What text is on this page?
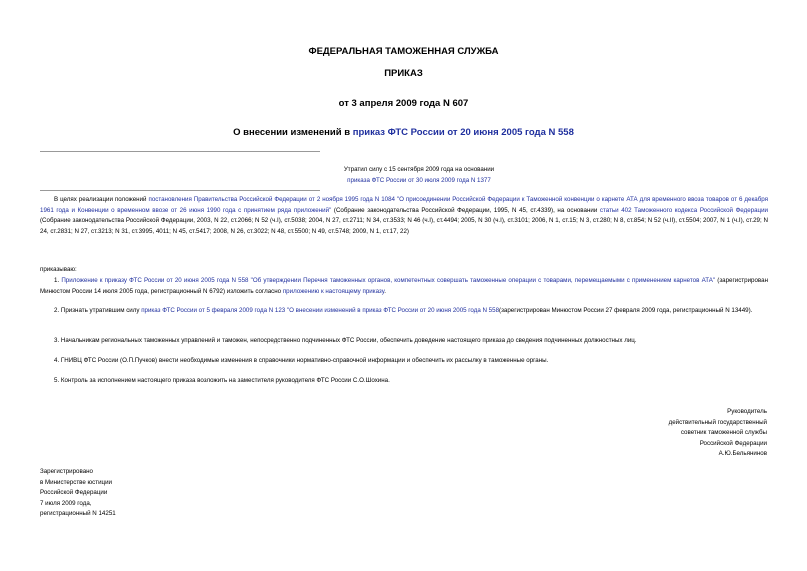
ФЕДЕРАЛЬНАЯ ТАМОЖЕННАЯ СЛУЖБА
ПРИКАЗ
от 3 апреля 2009 года N 607
О внесении изменений в приказ ФТС России от 20 июня 2005 года N 558
Утратил силу с 15 сентября 2009 года на основании
приказа ФТС России от 30 июля 2009 года N 1377
В целях реализации положений постановления Правительства Российской Федерации от 2 ноября 1995 года N 1084 "О присоединении Российской Федерации к Таможенной конвенции о карнете АТА для временного ввоза товаров от 6 декабря 1961 года и Конвенции о временном ввозе от 26 июня 1990 года с принятием ряда приложений" (Собрание законодательства Российской Федерации, 1995, N 45, ст.4339), на основании статьи 402 Таможенного кодекса Российской Федерации (Собрание законодательства Российской Федерации, 2003, N 22, ст.2066; N 52 (ч.I), ст.5038; 2004, N 27, ст.2711; N 34, ст.3533; N 46 (ч.I), ст.4494; 2005, N 30 (ч.I), ст.3101; 2006, N 1, ст.15; N 3, ст.280; N 8, ст.854; N 52 (ч.II), ст.5504; 2007, N 1 (ч.I), ст.29; N 24, ст.2831; N 27, ст.3213; N 31, ст.3995, 4011; N 45, ст.5417; 2008, N 26, ст.3022; N 48, ст.5500; N 49, ст.5748; 2009, N 1, ст.17, 22)
приказываю:
1. Приложение к приказу ФТС России от 20 июня 2005 года N 558 "Об утверждении Перечня таможенных органов, компетентных совершать таможенные операции с товарами, перемещаемыми с применением карнетов АТА" (зарегистрирован Минюстом России 14 июля 2005 года, регистрационный N 6792) изложить согласно приложению к настоящему приказу.
2. Признать утратившим силу приказ ФТС России от 5 февраля 2009 года N 123 "О внесении изменений в приказ ФТС России от 20 июня 2005 года N 558(зарегистрирован Минюстом России 27 февраля 2009 года, регистрационный N 13449).
3. Начальникам региональных таможенных управлений и таможен, непосредственно подчиненных ФТС России, обеспечить доведение настоящего приказа до сведения подчиненных должностных лиц.
4. ГНИВЦ ФТС России (О.П.Пучков) внести необходимые изменения в справочники нормативно-справочной информации и обеспечить их рассылку в таможенные органы.
5. Контроль за исполнением настоящего приказа возложить на заместителя руководителя ФТС России С.О.Шохина.
Руководитель
действительный государственный
советник таможенной службы
Российской Федерации
А.Ю.Бельянинов
Зарегистрировано
в Министерстве юстиции
Российской Федерации
7 июля 2009 года,
регистрационный N 14251
